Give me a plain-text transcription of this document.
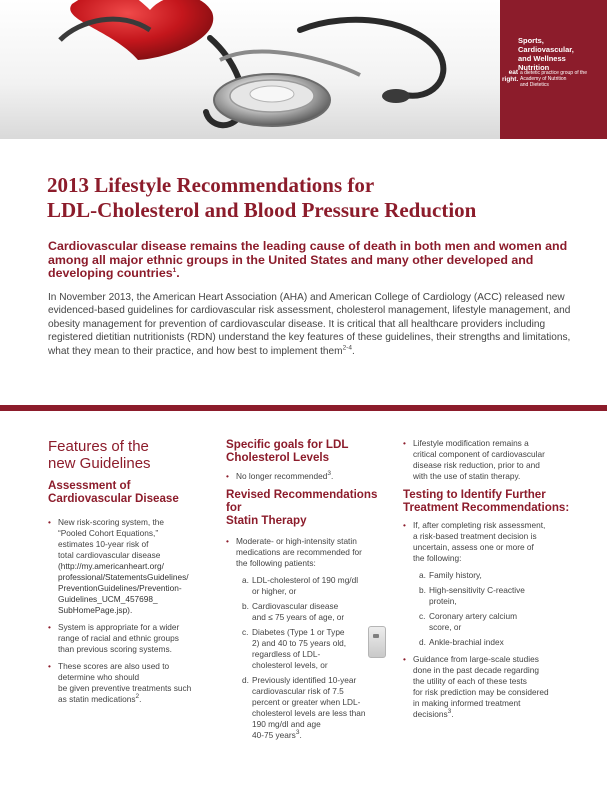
Sports,
Cardiovascular,
and Wellness
Nutrition
eat
right.
a dietetic practice group of the
Academy of Nutrition
and Dietetics
2013 Lifestyle Recommendations for
LDL-Cholesterol and Blood Pressure Reduction

Cardiovascular disease remains the leading cause of death in both men and women and among all major ethnic groups in the United States and many other developed and developing countries$^1$.

In November 2013, the American Heart Association (AHA) and American College of Cardiology (ACC) released new evidenced-based guidelines for cardiovascular risk assessment, cholesterol management, lifestyle management, and obesity management for prevention of cardiovascular disease. It is critical that all healthcare providers including registered dietitian nutritionists (RDN) understand the key features of these guidelines, their strengths and limitations, what they mean to their practice, and how best to implement them$^{2-4}$.

Features of the
new Guidelines
Assessment of
Cardiovascular Disease
• New risk-scoring system, the
“Pooled Cohort Equations,”
estimates 10-year risk of
total cardiovascular disease
(http://my.americanheart.org/
professional/StatementsGuidelines/
PreventionGuidelines/Prevention-
Guidelines_UCM_457698_
SubHomePage.jsp).
• System is appropriate for a wider
range of racial and ethnic groups
than previous scoring systems.
• These scores are also used to
determine who should
be given preventive treatments such
as statin medications$^2$.
Specific goals for LDL
Cholesterol Levels
• No longer recommended$^3$.
Revised Recommendations for
Statin Therapy
• Moderate- or high-intensity statin
medications are recommended for
the following patients:
a. LDL-cholesterol of 190 mg/dl
or higher, or
b. Cardiovascular disease
and ≤ 75 years of age, or
c. Diabetes (Type 1 or Type
2) and 40 to 75 years old,
regardless of LDL-
cholesterol levels, or
d. Previously identified 10-year
cardiovascular risk of 7.5
percent or greater when LDL-
cholesterol levels are less than
190 mg/dl and age
40-75 years$^3$.
• Lifestyle modification remains a
critical component of cardiovascular
disease risk reduction, prior to and
with the use of statin therapy.
Testing to Identify Further
Treatment Recommendations:
• If, after completing risk assessment,
a risk-based treatment decision is
uncertain, assess one or more of
the following:
a. Family history,
b. High-sensitivity C-reactive
protein,
c. Coronary artery calcium
score, or
d. Ankle-brachial index
• Guidance from large-scale studies
done in the past decade regarding
the utility of each of these tests
for risk prediction may be considered
in making informed treatment
decisions$^3$.
